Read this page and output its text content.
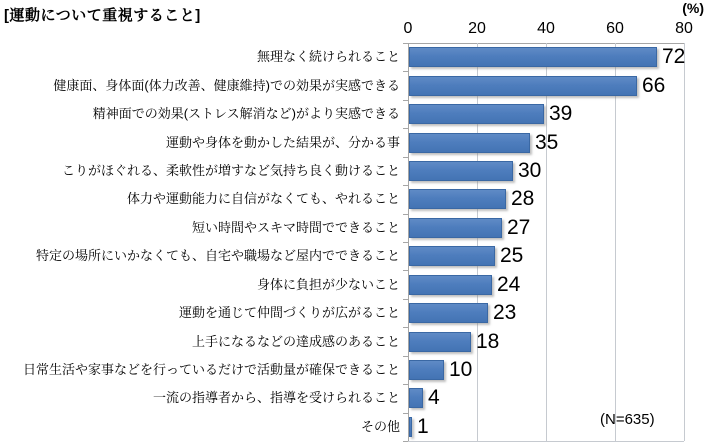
[運動について重視すること]	(%)
0	20	40	60	80
無理なく続けられること
健康面、身体面(体力改善、健康維持)での効果が実感できる
精神面での効果(ストレス解消など)がより実感できる
運動や身体を動かした結果が、分かる事
こりがほぐれる、柔軟性が増すなど気持ち良く動けること
体力や運動能力に自信がなくても、やれること
短い時間やスキマ時間でできること
特定の場所にいかなくても、自宅や職場など屋内でできること
身体に負担が少ないこと
運動を通じて仲間づくりが広がること
上手になるなどの達成感のあること
日常生活や家事などを行っているだけで活動量が確保できること
一流の指導者から、指導を受けられること
その他
72
66
39
35
30
28
27
25
24
23
18
10
4
1	(N=635)
